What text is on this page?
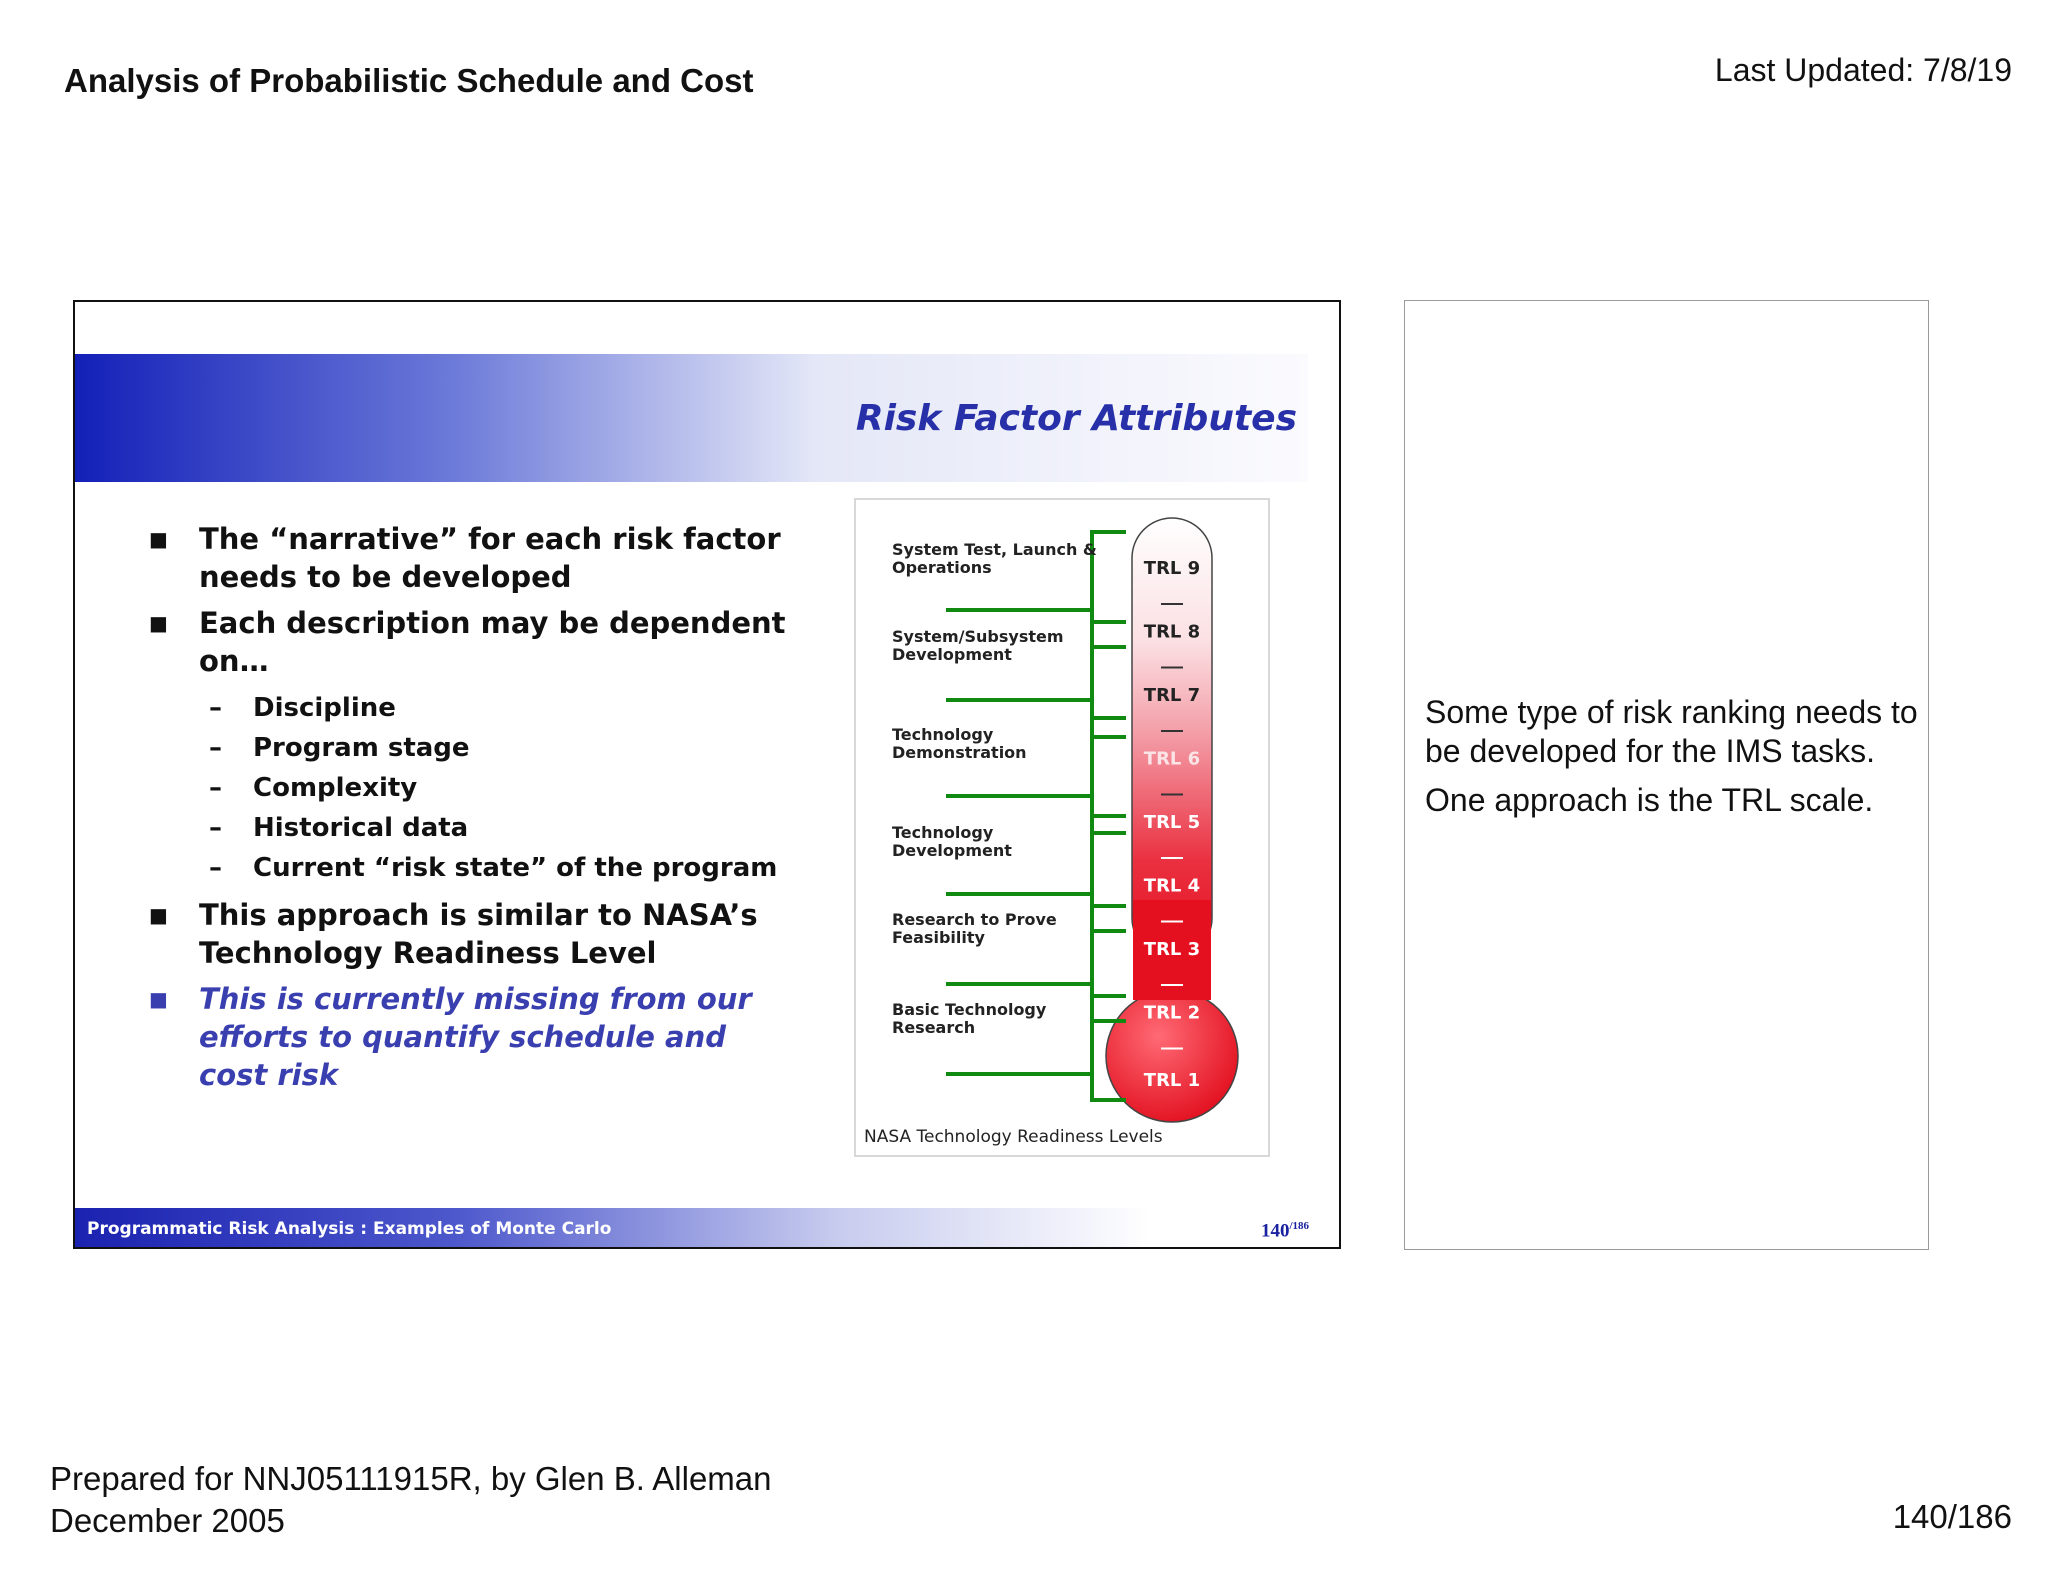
Analysis of Probabilistic Schedule and Cost	Last Updated: 7/8/19
Risk Factor Attributes
■ The “narrative” for each risk factor needs to be developed
■ Each description may be dependent on…
– Discipline
– Program stage
– Complexity
– Historical data
– Current “risk state” of the program
■ This approach is similar to NASA’s Technology Readiness Level
■ This is currently missing from our efforts to quantify schedule and cost risk
System Test, Launch & Operations
System/Subsystem Development
Technology Demonstration
Technology Development
Research to Prove Feasibility
Basic Technology Research
TRL 9
TRL 8
TRL 7
TRL 6
TRL 5
TRL 4
TRL 3
TRL 2
TRL 1
NASA Technology Readiness Levels
Programmatic Risk Analysis : Examples of Monte Carlo	$140^{/186}$

Some type of risk ranking needs to be developed for the IMS tasks.

One approach is the TRL scale.

Prepared for NNJ05111915R, by Glen B. Alleman
December 2005	140/186
